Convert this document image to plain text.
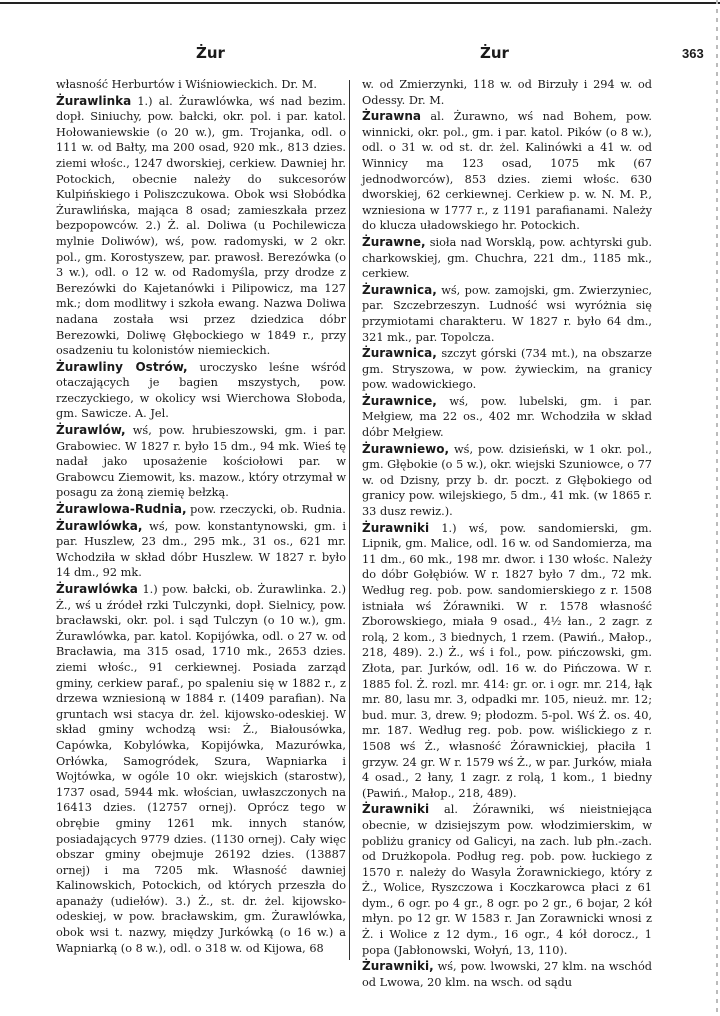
Żur	Żur	363

własność Herburtów i Wiśniowieckich. Dr. M.

Żurawlinka 1.) al. Żurawlówka, wś nad bezim. dopł. Siniuchy, pow. bałcki, okr. pol. i par. katol. Hołowaniewskie (o 20 w.), gm. Trojanka, odl. o 111 w. od Bałty, ma 200 osad, 920 mk., 813 dzies. ziemi włośc., 1247 dworskiej, cerkiew. Dawniej hr. Potockich, obecnie należy do sukcesorów Kulpińskiego i Poliszczukowa. Obok wsi Słobódka Żurawlińska, mająca 8 osad; zamieszkała przez bezpopowców. 2.) Ż. al. Doliwa (u Pochilewicza mylnie Doliwów), wś, pow. radomyski, w 2 okr. pol., gm. Korostyszew, par. prawosł. Berezówka (o 3 w.), odl. o 12 w. od Radomyśla, przy drodze z Berezówki do Kajetanówki i Pilipowicz, ma 127 mk.; dom modlitwy i szkoła ewang. Nazwa Doliwa nadana została wsi przez dziedzica dóbr Berezowki, Doliwę Głębockiego w 1849 r., przy osadzeniu tu kolonistów niemieckich.

Żurawliny Ostrów, uroczysko leśne wśród otaczających je bagien mszystych, pow. rzeczyckiego, w okolicy wsi Wierchowa Słoboda, gm. Sawicze. A. Jel.

Żurawlów, wś, pow. hrubieszowski, gm. i par. Grabowiec. W 1827 r. było 15 dm., 94 mk. Wieś tę nadał jako uposażenie kościołowi par. w Grabowcu Ziemowit, ks. mazow., który otrzymał w posagu za żoną ziemię bełzką.

Żurawlowa-Rudnia, pow. rzeczycki, ob. Rudnia.

Żurawlówka, wś, pow. konstantynowski, gm. i par. Huszlew, 23 dm., 295 mk., 31 os., 621 mr. Wchodziła w skład dóbr Huszlew. W 1827 r. było 14 dm., 92 mk.

Żurawlówka 1.) pow. bałcki, ob. Żurawlinka. 2.) Ż., wś u źródeł rzki Tulczynki, dopł. Sielnicy, pow. bracławski, okr. pol. i sąd Tulczyn (o 10 w.), gm. Żurawlówka, par. katol. Kopijówka, odl. o 27 w. od Bracławia, ma 315 osad, 1710 mk., 2653 dzies. ziemi włośc., 91 cerkiewnej. Posiada zarząd gminy, cerkiew paraf., po spaleniu się w 1882 r., z drzewa wzniesioną w 1884 r. (1409 parafian). Na gruntach wsi stacya dr. żel. kijowsko-odeskiej. W skład gminy wchodzą wsi: Ż., Białousówka, Capówka, Kobylówka, Kopijówka, Mazurówka, Orłówka, Samogródek, Szura, Wapniarka i Wojtówka, w ogóle 10 okr. wiejskich (starostw), 1737 osad, 5944 mk. włościan, uwłaszczonych na 16413 dzies. (12757 ornej). Oprócz tego w obrębie gminy 1261 mk. innych stanów, posiadających 9779 dzies. (1130 ornej). Cały więc obszar gminy obejmuje 26192 dzies. (13887 ornej) i ma 7205 mk. Własność dawniej Kalinowskich, Potockich, od których przeszła do apanaży (udiełów). 3.) Ż., st. dr. żel. kijowsko-odeskiej, w pow. bracławskim, gm. Żurawlówka, obok wsi t. nazwy, między Jurkówką (o 16 w.) a Wapniarką (o 8 w.), odl. o 318 w. od Kijowa, 68

w. od Zmierzynki, 118 w. od Birzuły i 294 w. od Odessy. Dr. M.

Żurawna al. Żurawno, wś nad Bohem, pow. winnicki, okr. pol., gm. i par. katol. Pików (o 8 w.), odl. o 31 w. od st. dr. żel. Kalinówki a 41 w. od Winnicy ma 123 osad, 1075 mk (67 jednodworców), 853 dzies. ziemi włośc. 630 dworskiej, 62 cerkiewnej. Cerkiew p. w. N. M. P., wzniesiona w 1777 r., z 1191 parafianami. Należy do klucza uładowskiego hr. Potockich.

Żurawne, sioła nad Worsklą, pow. achtyrski gub. charkowskiej, gm. Chuchra, 221 dm., 1185 mk., cerkiew.

Żurawnica, wś, pow. zamojski, gm. Zwierzyniec, par. Szczebrzeszyn. Ludność wsi wyróżnia się przymiotami charakteru. W 1827 r. było 64 dm., 321 mk., par. Topolcza.

Żurawnica, szczyt górski (734 mt.), na obszarze gm. Stryszowa, w pow. żywieckim, na granicy pow. wadowickiego.

Żurawnice, wś, pow. lubelski, gm. i par. Mełgiew, ma 22 os., 402 mr. Wchodziła w skład dóbr Mełgiew.

Żurawniewo, wś, pow. dzisieński, w 1 okr. pol., gm. Głębokie (o 5 w.), okr. wiejski Szuniowce, o 77 w. od Dzisny, przy b. dr. poczt. z Głębokiego od granicy pow. wilejskiego, 5 dm., 41 mk. (w 1865 r. 33 dusz rewiz.).

Żurawniki 1.) wś, pow. sandomierski, gm. Lipnik, gm. Malice, odl. 16 w. od Sandomierza, ma 11 dm., 60 mk., 198 mr. dwor. i 130 włośc. Należy do dóbr Gołębiów. W r. 1827 było 7 dm., 72 mk. Według reg. pob. pow. sandomierskiego z r. 1508 istniała wś Żórawniki. W r. 1578 własność Zborowskiego, miała 9 osad., 4½ łan., 2 zagr. z rolą, 2 kom., 3 biednych, 1 rzem. (Pawiń., Małop., 218, 489). 2.) Ż., wś i fol., pow. pińczowski, gm. Złota, par. Jurków, odl. 16 w. do Pińczowa. W r. 1885 fol. Ż. rozl. mr. 414: gr. or. i ogr. mr. 214, łąk mr. 80, lasu mr. 3, odpadki mr. 105, nieuż. mr. 12; bud. mur. 3, drew. 9; płodozm. 5-pol. Wś Ż. os. 40, mr. 187. Według reg. pob. pow. wiślickiego z r. 1508 wś Ż., własność Żórawnickiej, płaciła 1 grzyw. 24 gr. W r. 1579 wś Ż., w par. Jurków, miała 4 osad., 2 łany, 1 zagr. z rolą, 1 kom., 1 biedny (Pawiń., Małop., 218, 489).

Żurawniki al. Żórawniki, wś nieistniejąca obecnie, w dzisiejszym pow. włodzimierskim, w pobliżu granicy od Galicyi, na zach. lub płn.-zach. od Drużkopola. Podług reg. pob. pow. łuckiego z 1570 r. należy do Wasyla Żorawnickiego, który z Ż., Wolice, Ryszczowa i Koczkarowca płaci z 61 dym., 6 ogr. po 4 gr., 8 ogr. po 2 gr., 6 bojar, 2 kół młyn. po 12 gr. W 1583 r. Jan Zorawnicki wnosi z Ż. i Wolice z 12 dym., 16 ogr., 4 kół dorocz., 1 popa (Jabłonowski, Wołyń, 13, 110).

Żurawniki, wś, pow. lwowski, 27 klm. na wschód od Lwowa, 20 klm. na wsch. od sądu
